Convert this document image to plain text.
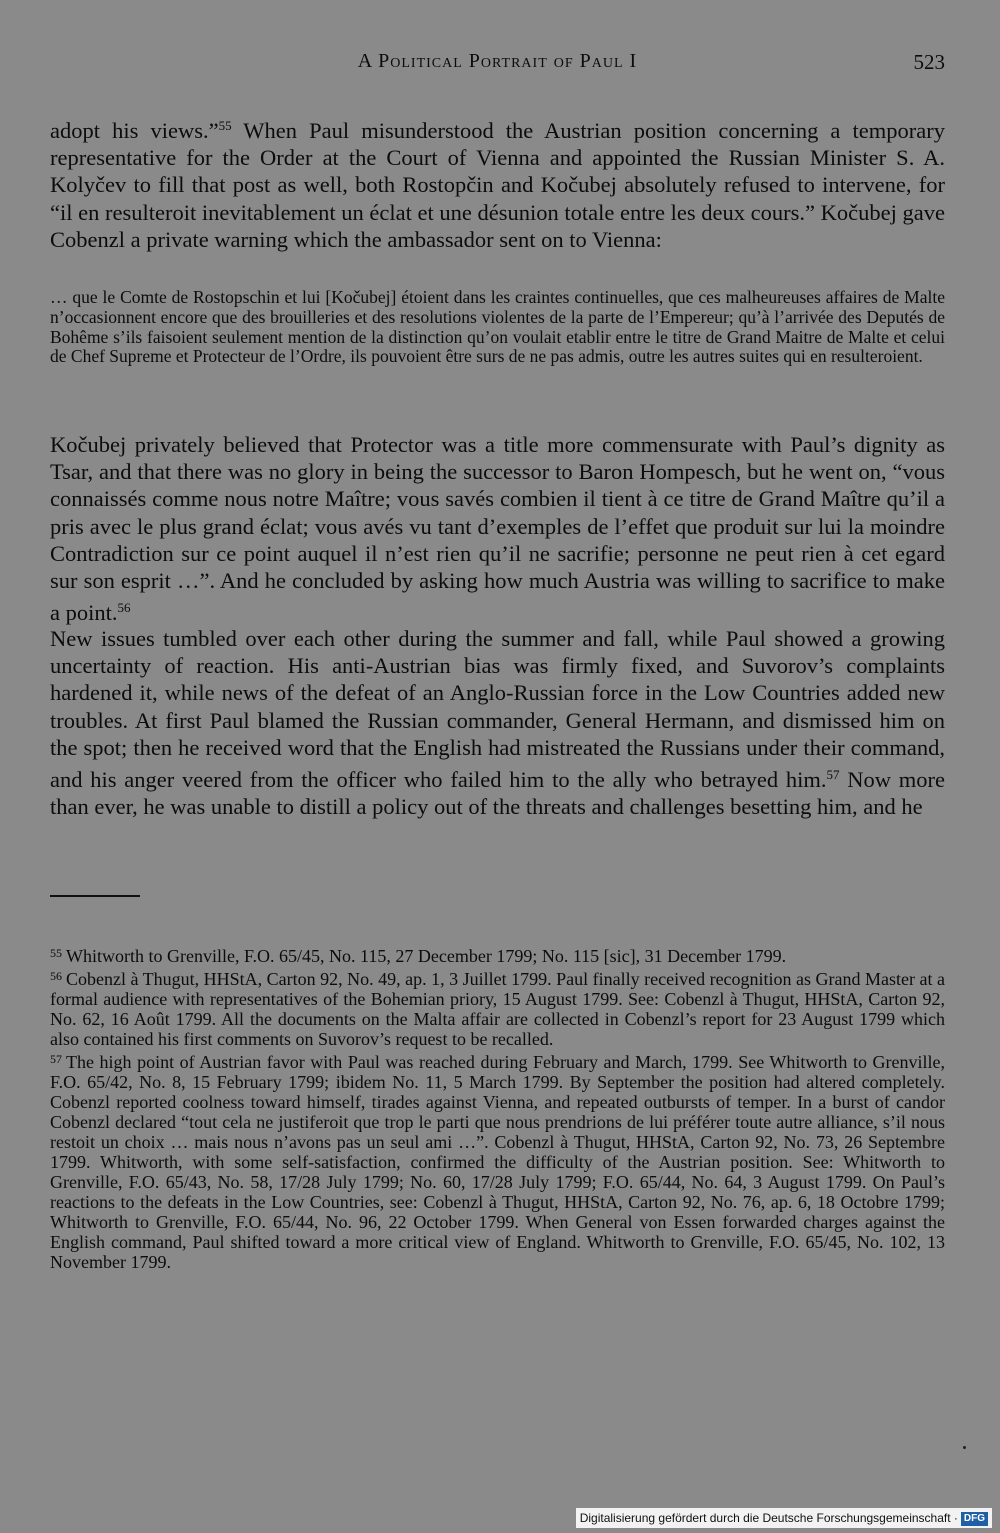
A Political Portrait of Paul I	523

adopt his views.”$^{55}$ When Paul misunderstood the Austrian position concerning a temporary representative for the Order at the Court of Vienna and appointed the Russian Minister S. A. Kolyčev to fill that post as well, both Rostopčin and Kočubej absolutely refused to intervene, for “il en resulteroit inevitablement un éclat et une désunion totale entre les deux cours.” Kočubej gave Cobenzl a private warning which the ambassador sent on to Vienna:

… que le Comte de Rostopschin et lui [Kočubej] étoient dans les craintes continuelles, que ces malheureuses affaires de Malte n’occasionnent encore que des brouilleries et des resolutions violentes de la parte de l’Empereur; qu’à l’arrivée des Deputés de Bohême s’ils faisoient seulement mention de la distinction qu’on voulait etablir entre le titre de Grand Maitre de Malte et celui de Chef Supreme et Protecteur de l’Ordre, ils pouvoient être surs de ne pas admis, outre les autres suites qui en resulteroient.

Kočubej privately believed that Protector was a title more commensurate with Paul’s dignity as Tsar, and that there was no glory in being the successor to Baron Hompesch, but he went on, “vous connaissés comme nous notre Maître; vous savés combien il tient à ce titre de Grand Maître qu’il a pris avec le plus grand éclat; vous avés vu tant d’exemples de l’effet que produit sur lui la moindre Contradiction sur ce point auquel il n’est rien qu’il ne sacrifie; personne ne peut rien à cet egard sur son esprit …”. And he concluded by asking how much Austria was willing to sacrifice to make a point.$^{56}$

New issues tumbled over each other during the summer and fall, while Paul showed a growing uncertainty of reaction. His anti-Austrian bias was firmly fixed, and Suvorov’s complaints hardened it, while news of the defeat of an Anglo-Russian force in the Low Countries added new troubles. At first Paul blamed the Russian commander, General Hermann, and dismissed him on the spot; then he received word that the English had mistreated the Russians under their command, and his anger veered from the officer who failed him to the ally who betrayed him.$^{57}$ Now more than ever, he was unable to distill a policy out of the threats and challenges besetting him, and he

$^{55}$ Whitworth to Grenville, F.O. 65/45, No. 115, 27 December 1799; No. 115 [sic], 31 December 1799.

$^{56}$ Cobenzl à Thugut, HHStA, Carton 92, No. 49, ap. 1, 3 Juillet 1799. Paul finally received recognition as Grand Master at a formal audience with representatives of the Bohemian priory, 15 August 1799. See: Cobenzl à Thugut, HHStA, Carton 92, No. 62, 16 Août 1799. All the documents on the Malta affair are collected in Cobenzl’s report for 23 August 1799 which also contained his first comments on Suvorov’s request to be recalled.

$^{57}$ The high point of Austrian favor with Paul was reached during February and March, 1799. See Whitworth to Grenville, F.O. 65/42, No. 8, 15 February 1799; ibidem No. 11, 5 March 1799. By September the position had altered completely. Cobenzl reported coolness toward himself, tirades against Vienna, and repeated outbursts of temper. In a burst of candor Cobenzl declared “tout cela ne justiferoit que trop le parti que nous prendrions de lui préférer toute autre alliance, s’il nous restoit un choix … mais nous n’avons pas un seul ami …”. Cobenzl à Thugut, HHStA, Carton 92, No. 73, 26 Septembre 1799. Whitworth, with some self-satisfaction, confirmed the difficulty of the Austrian position. See: Whitworth to Grenville, F.O. 65/43, No. 58, 17/28 July 1799; No. 60, 17/28 July 1799; F.O. 65/44, No. 64, 3 August 1799. On Paul’s reactions to the defeats in the Low Countries, see: Cobenzl à Thugut, HHStA, Carton 92, No. 76, ap. 6, 18 Octobre 1799; Whitworth to Grenville, F.O. 65/44, No. 96, 22 October 1799. When General von Essen forwarded charges against the English command, Paul shifted toward a more critical view of England. Whitworth to Grenville, F.O. 65/45, No. 102, 13 November 1799.

Digitalisierung gefördert durch die Deutsche Forschungsgemeinschaft · DFG
